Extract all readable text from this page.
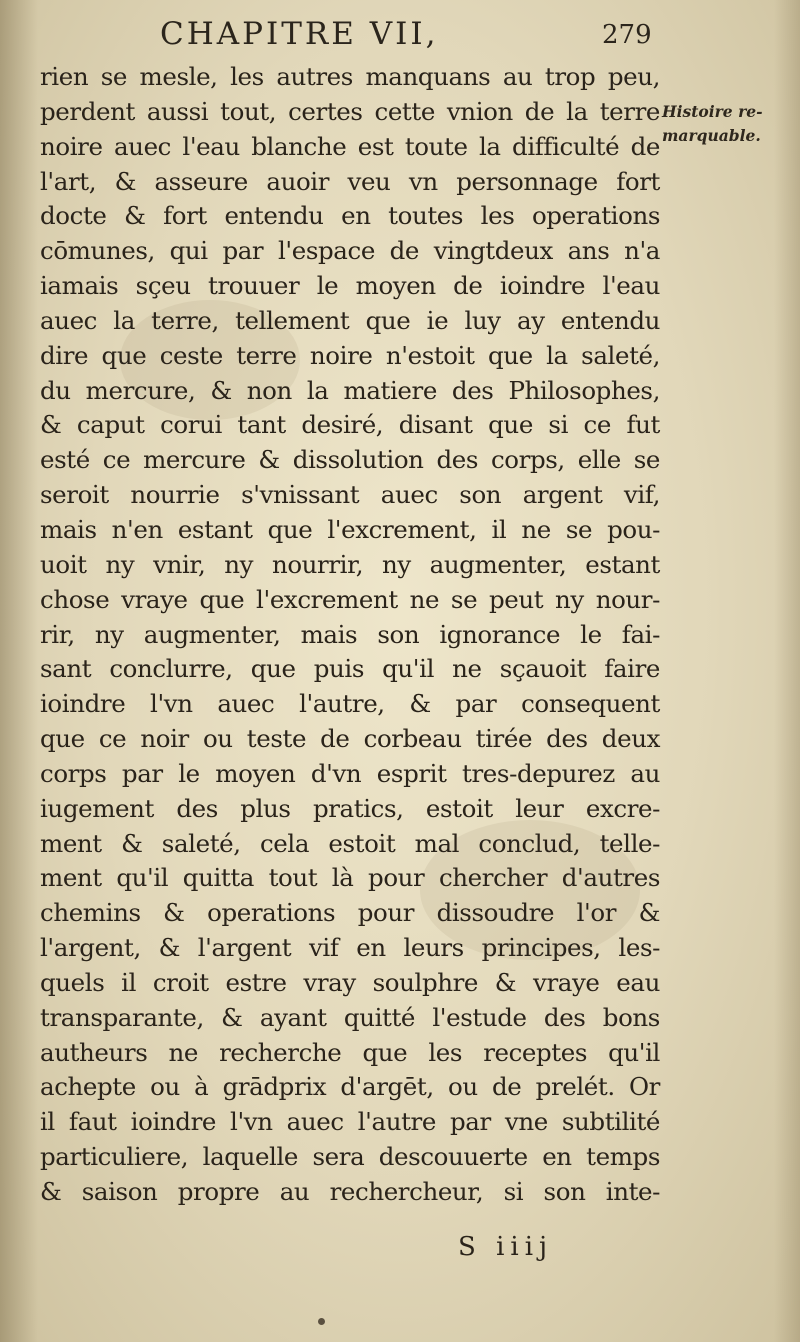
CHAPITRE VII,	279
rien se mesle, les autres manquans au trop peu,
perdent aussi tout, certes cette vnion de la terre
noire auec l'eau blanche est toute la difficulté de
l'art, & asseure auoir veu vn personnage fort
docte & fort entendu en toutes les operations
cōmunes, qui par l'espace de vingtdeux ans n'a
iamais sçeu trouuer le moyen de ioindre l'eau
auec la terre, tellement que ie luy ay entendu
dire que ceste terre noire n'estoit que la saleté,
du mercure, & non la matiere des Philosophes,
& caput corui tant desiré, disant que si ce fut
esté ce mercure & dissolution des corps, elle se
seroit nourrie s'vnissant auec son argent vif,
mais n'en estant que l'excrement, il ne se pou-
uoit ny vnir, ny nourrir, ny augmenter, estant
chose vraye que l'excrement ne se peut ny nour-
rir, ny augmenter, mais son ignorance le fai-
sant conclurre, que puis qu'il ne sçauoit faire
ioindre l'vn auec l'autre, & par consequent
que ce noir ou teste de corbeau tirée des deux
corps par le moyen d'vn esprit tres-depurez au
iugement des plus pratics, estoit leur excre-
ment & saleté, cela estoit mal conclud, telle-
ment qu'il quitta tout là pour chercher d'autres
chemins & operations pour dissoudre l'or &
l'argent, & l'argent vif en leurs principes, les-
quels il croit estre vray soulphre & vraye eau
transparante, & ayant quitté l'estude des bons
autheurs ne recherche que les receptes qu'il
achepte ou à grādprix d'argēt, ou de prelét. Or
il faut ioindre l'vn auec l'autre par vne subtilité
particuliere, laquelle sera descouuerte en temps
& saison propre au rechercheur, si son inte-
Histoire re-
marquable.
S iiij
